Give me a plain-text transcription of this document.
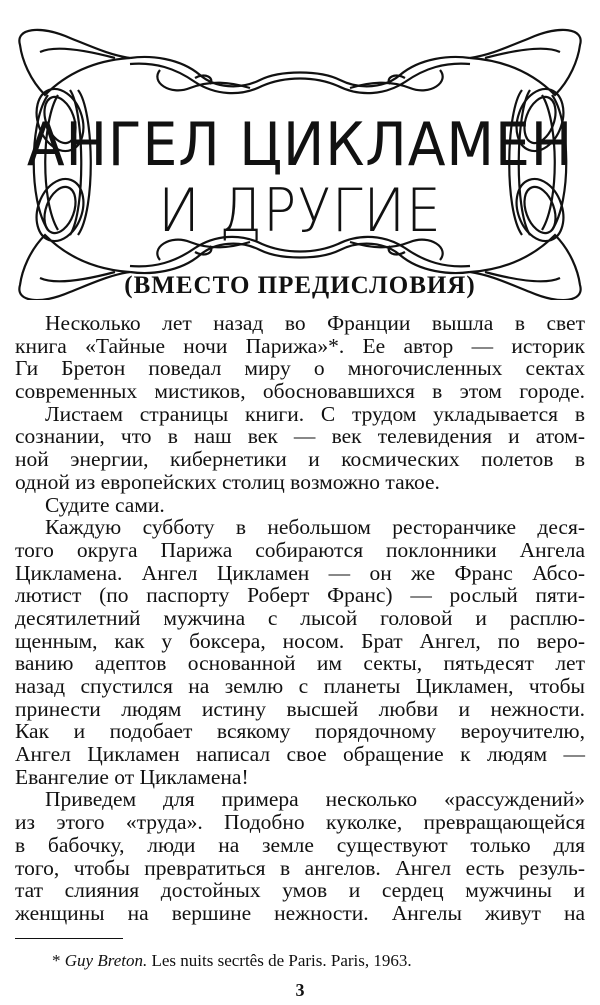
АНГЕЛ ЦИКЛАМЕН
И ДРУГИЕ
(ВМЕСТО ПРЕДИСЛОВИЯ)
Несколько лет назад во Франции вышла в свет
книга «Тайные ночи Парижа»*. Ее автор — историк
Ги Бретон поведал миру о многочисленных сектах
современных мистиков, обосновавшихся в этом городе.
Листаем страницы книги. С трудом укладывается в
сознании, что в наш век — век телевидения и атом-
ной энергии, кибернетики и космических полетов в
одной из европейских столиц возможно такое.
Судите сами.
Каждую субботу в небольшом ресторанчике деся-
того округа Парижа собираются поклонники Ангела
Цикламена. Ангел Цикламен — он же Франс Абсо-
лютист (по паспорту Роберт Франс) — рослый пяти-
десятилетний мужчина с лысой головой и расплю-
щенным, как у боксера, носом. Брат Ангел, по веро-
ванию адептов основанной им секты, пятьдесят лет
назад спустился на землю с планеты Цикламен, чтобы
принести людям истину высшей любви и нежности.
Как и подобает всякому порядочному вероучителю,
Ангел Цикламен написал свое обращение к людям —
Евангелие от Цикламена!
Приведем для примера несколько «рассуждений»
из этого «труда». Подобно куколке, превращающейся
в бабочку, люди на земле существуют только для
того, чтобы превратиться в ангелов. Ангел есть резуль-
тат слияния достойных умов и сердец мужчины и
женщины на вершине нежности. Ангелы живут на
* Guy Breton. Les nuits secrtês de Paris. Paris, 1963.
3
